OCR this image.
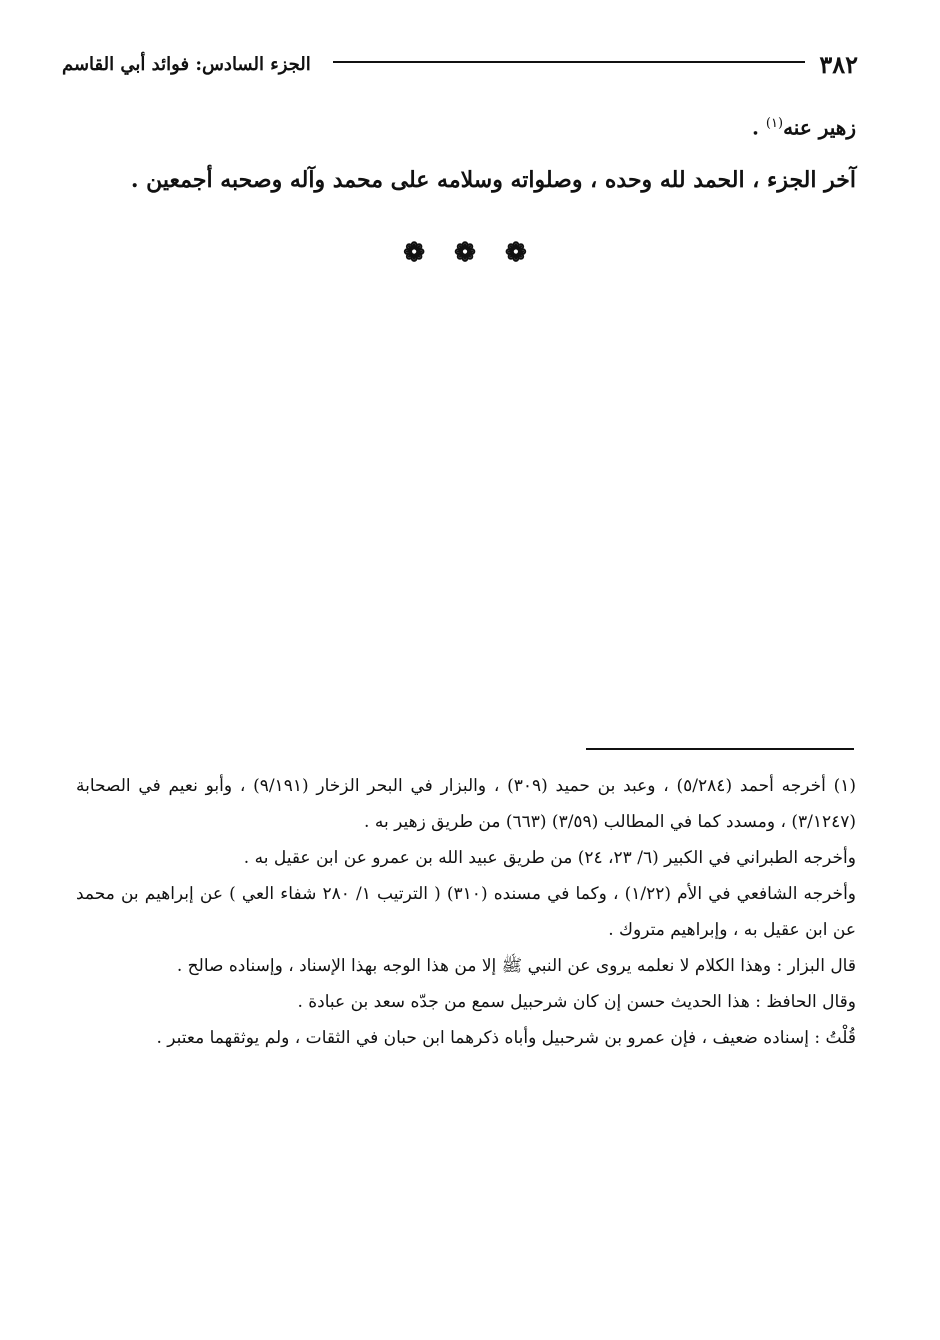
٣٨٢
الجزء السادس: فوائد أبي القاسم
زهير عنه$^{(١)}$ .
آخر الجزء ، الحمد لله وحده ، وصلواته وسلامه على محمد وآله وصحبه أجمعين .
❁ ❁ ❁

(١) أخرجه أحمد (٥/٢٨٤) ، وعبد بن حميد (٣٠٩) ، والبزار في البحر الزخار (٩/١٩١) ، وأبو نعيم في الصحابة (٣/١٢٤٧) ، ومسدد كما في المطالب (٣/٥٩) (٦٦٣) من طريق زهير به .

وأخرجه الطبراني في الكبير (٦/ ٢٣، ٢٤) من طريق عبيد الله بن عمرو عن ابن عقيل به .

وأخرجه الشافعي في الأم (١/٢٢) ، وكما في مسنده (٣١٠) ( الترتيب ١/ ٢٨٠ شفاء العي ) عن إبراهيم بن محمد عن ابن عقيل به ، وإبراهيم متروك .

قال البزار : وهذا الكلام لا نعلمه يروى عن النبي ﷺ إلا من هذا الوجه بهذا الإسناد ، وإسناده صالح .

وقال الحافظ : هذا الحديث حسن إن كان شرحبيل سمع من جدّه سعد بن عبادة .

قُلْتُ : إسناده ضعيف ، فإن عمرو بن شرحبيل وأباه ذكرهما ابن حبان في الثقات ، ولم يوثقهما معتبر .
